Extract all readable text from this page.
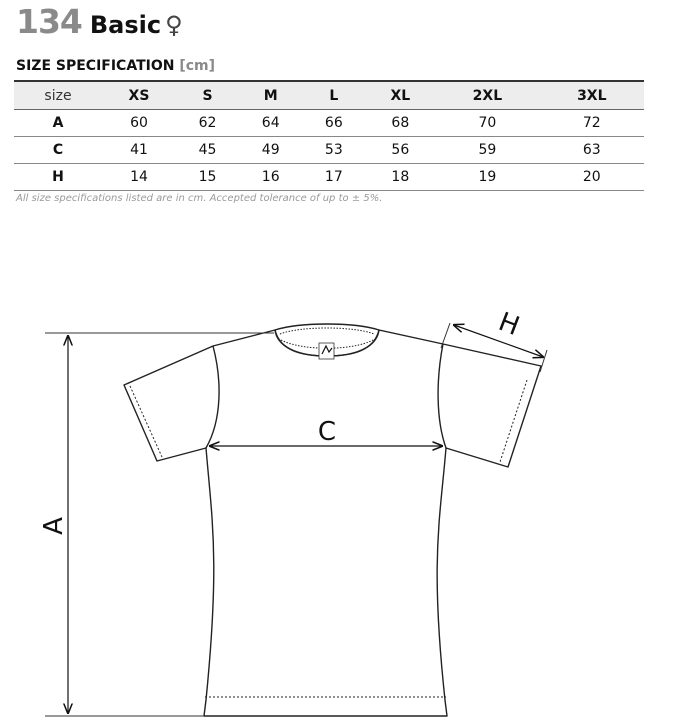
134 Basic ♀
SIZE SPECIFICATION [cm]
size	XS	S	M	L	XL	2XL	3XL
A	60	62	64	66	68	70	72
C	41	45	49	53	56	59	63
H	14	15	16	17	18	19	20
All size specifications listed are in cm. Accepted tolerance of up to ± 5%.
A
C
H
